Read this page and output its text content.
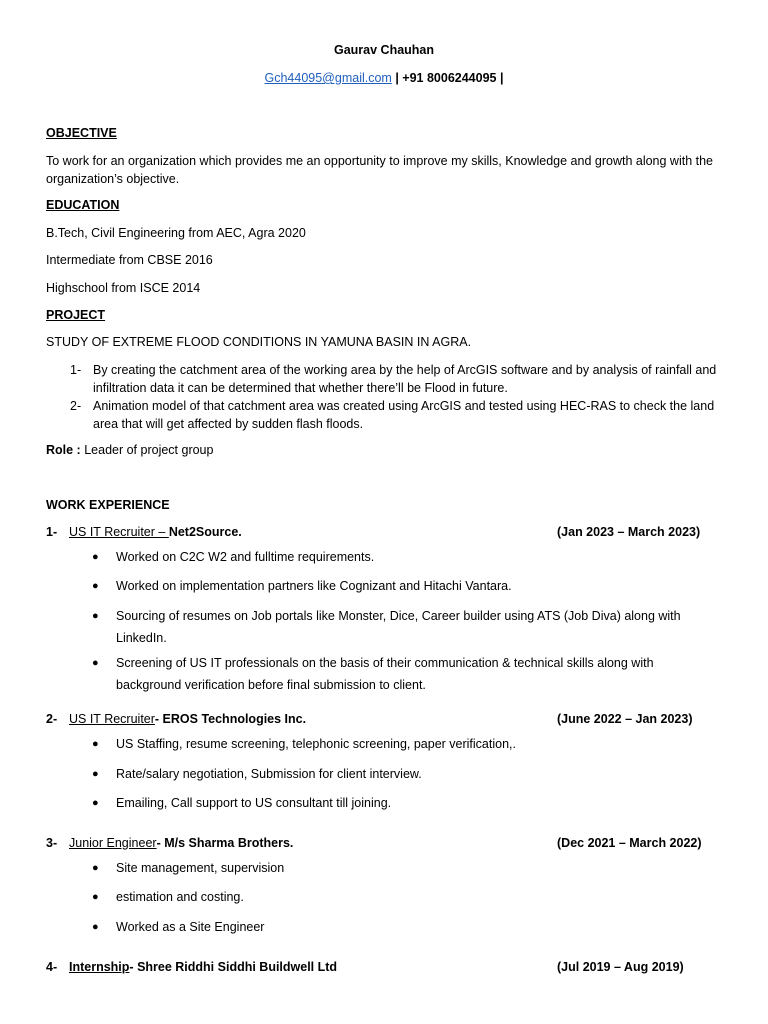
Gaurav Chauhan
Gch44095@gmail.com | +91 8006244095 |
OBJECTIVE
To work for an organization which provides me an opportunity to improve my skills, Knowledge and growth along with the organization’s objective.
EDUCATION
B.Tech, Civil Engineering from AEC, Agra 2020
Intermediate from CBSE 2016
Highschool from ISCE 2014
PROJECT
STUDY OF EXTREME FLOOD CONDITIONS IN YAMUNA BASIN IN AGRA.
1- By creating the catchment area of the working area by the help of ArcGIS software and by analysis of rainfall and infiltration data it can be determined that whether there’ll be Flood in future.
2- Animation model of that catchment area was created using ArcGIS and tested using HEC-RAS to check the land area that will get affected by sudden flash floods.
Role : Leader of project group
WORK EXPERIENCE
1- US IT Recruiter – Net2Source.	(Jan 2023 – March 2023)
● Worked on C2C W2 and fulltime requirements.
● Worked on implementation partners like Cognizant and Hitachi Vantara.
● Sourcing of resumes on Job portals like Monster, Dice, Career builder using ATS (Job Diva) along with LinkedIn.
● Screening of US IT professionals on the basis of their communication & technical skills along with background verification before final submission to client.
2- US IT Recruiter- EROS Technologies Inc.	(June 2022 – Jan 2023)
● US Staffing, resume screening, telephonic screening, paper verification,.
● Rate/salary negotiation, Submission for client interview.
● Emailing, Call support to US consultant till joining.
3- Junior Engineer- M/s Sharma Brothers.	(Dec 2021 – March 2022)
● Site management, supervision
● estimation and costing.
● Worked as a Site Engineer
4- Internship- Shree Riddhi Siddhi Buildwell Ltd	(Jul 2019 – Aug 2019)
